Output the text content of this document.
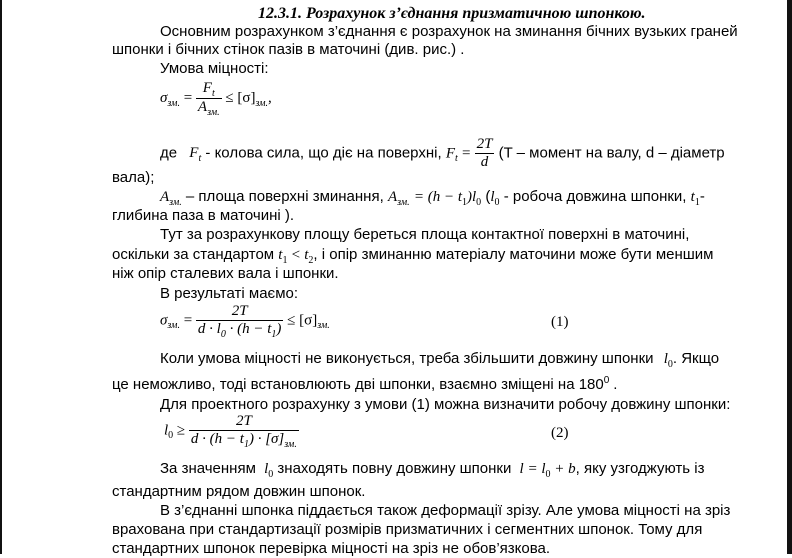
12.3.1. Розрахунок з’єднання призматичною шпонкою.
Основним розрахунком з’єднання є розрахунок на зминання бічних вузьких граней
шпонки і бічних стінок пазів в маточині (див. рис.) .
Умова міцності:
$\sigma_{зм.} = \frac{F_t}{A_{зм.}} \le [\sigma]_{зм.}$,
де $F_t$ - колова сила, що діє на поверхні, $F_t = \frac{2T}{d} (T$ – момент на валу, d – діаметр
вала);
$A_{зм.}$ – площа поверхні зминання, $A_{зм.} = (h - t_1)l_0$ ($l_0$ - робоча довжина шпонки, $t_1-$
глибина паза в маточині ).
Тут за розрахункову площу береться площа контактної поверхні в маточині,
оскільки за стандартом $t_1 < t_2$, і опір зминанню матеріалу маточини може бути меншим
ніж опір сталевих вала і шпонки.
В результаті маємо:
$\sigma_{зм.} = \frac{2T}{d \cdot l_0 \cdot (h - t_1)} \le [\sigma]_{зм.}$	(1)
Коли умова міцності не виконується, треба збільшити довжину шпонки $l_0$. Якщо
це неможливо, тоді встановлюють дві шпонки, взаємно зміщені на $180^0$ .
Для проектного розрахунку з умови (1) можна визначити робочу довжину шпонки:
$l_0 \ge \frac{2T}{d \cdot (h - t_1) \cdot [\sigma]_{зм.}}$	(2)
За значенням $l_0$ знаходять повну довжину шпонки $l = l_0 + b$, яку узгоджують із
стандартним рядом довжин шпонок.
В з’єднанні шпонка піддається також деформації зрізу. Але умова міцності на зріз
врахована при стандартизації розмірів призматичних і сегментних шпонок. Тому для
стандартних шпонок перевірка міцності на зріз не обов’язкова.
